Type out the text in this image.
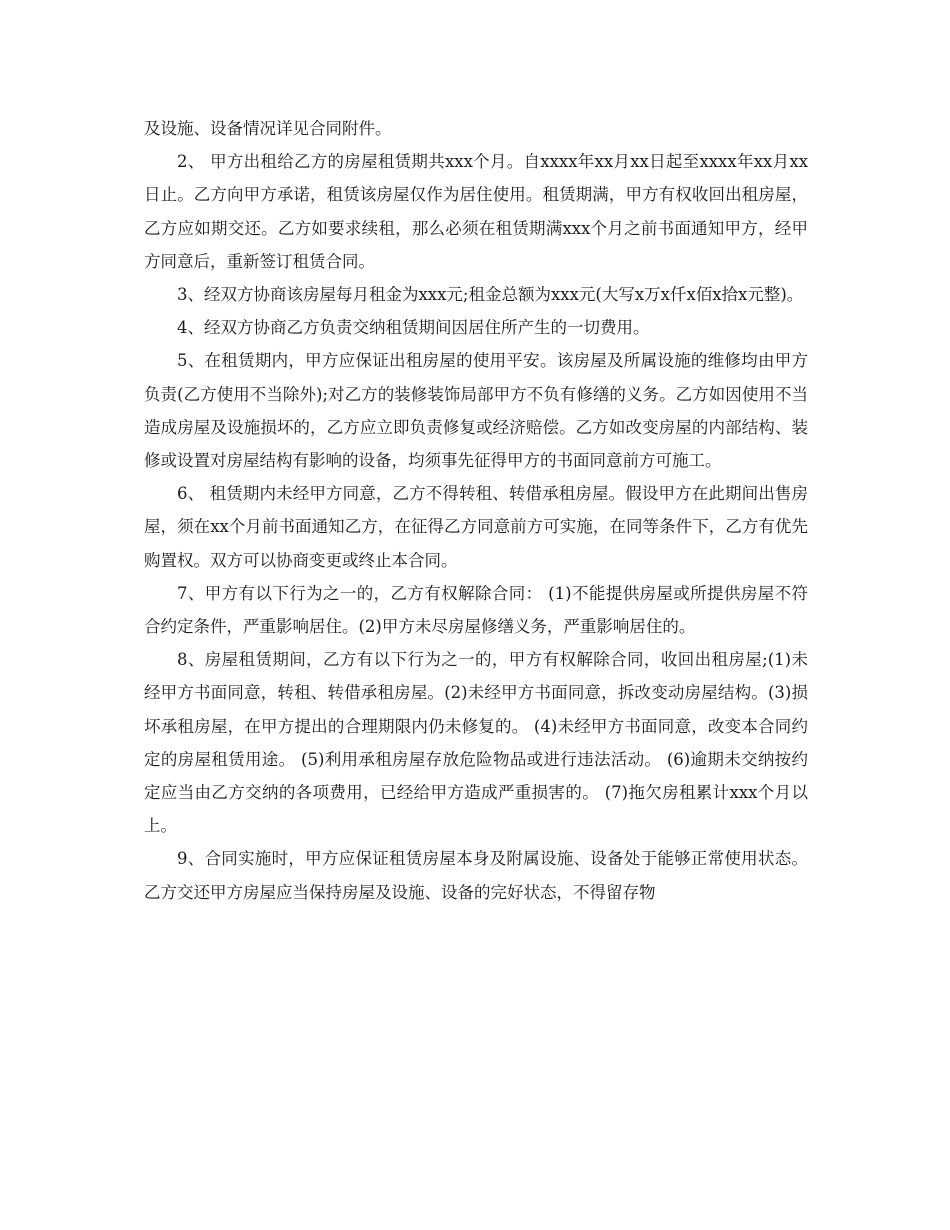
及设施、设备情况详见合同附件。

2、 甲方出租给乙方的房屋租赁期共xxx个月。自xxxx年xx月xx日起至xxxx年xx月xx日止。乙方向甲方承诺，租赁该房屋仅作为居住使用。租赁期满，甲方有权收回出租房屋，乙方应如期交还。乙方如要求续租，那么必须在租赁期满xxx个月之前书面通知甲方，经甲方同意后，重新签订租赁合同。

3、经双方协商该房屋每月租金为xxx元;租金总额为xxx元(大写x万x仟x佰x拾x元整)。

4、经双方协商乙方负责交纳租赁期间因居住所产生的一切费用。

5、在租赁期内，甲方应保证出租房屋的使用平安。该房屋及所属设施的维修均由甲方负责(乙方使用不当除外);对乙方的装修装饰局部甲方不负有修缮的义务。乙方如因使用不当造成房屋及设施损坏的，乙方应立即负责修复或经济赔偿。乙方如改变房屋的内部结构、装修或设置对房屋结构有影响的设备，均须事先征得甲方的书面同意前方可施工。

6、 租赁期内未经甲方同意，乙方不得转租、转借承租房屋。假设甲方在此期间出售房屋，须在xx个月前书面通知乙方，在征得乙方同意前方可实施，在同等条件下，乙方有优先购置权。双方可以协商变更或终止本合同。

7、甲方有以下行为之一的，乙方有权解除合同： (1)不能提供房屋或所提供房屋不符合约定条件，严重影响居住。(2)甲方未尽房屋修缮义务，严重影响居住的。

8、房屋租赁期间，乙方有以下行为之一的，甲方有权解除合同，收回出租房屋;(1)未经甲方书面同意，转租、转借承租房屋。(2)未经甲方书面同意，拆改变动房屋结构。(3)损坏承租房屋，在甲方提出的合理期限内仍未修复的。 (4)未经甲方书面同意，改变本合同约定的房屋租赁用途。 (5)利用承租房屋存放危险物品或进行违法活动。 (6)逾期未交纳按约定应当由乙方交纳的各项费用，已经给甲方造成严重损害的。 (7)拖欠房租累计xxx个月以上。

9、合同实施时，甲方应保证租赁房屋本身及附属设施、设备处于能够正常使用状态。乙方交还甲方房屋应当保持房屋及设施、设备的完好状态，不得留存物
